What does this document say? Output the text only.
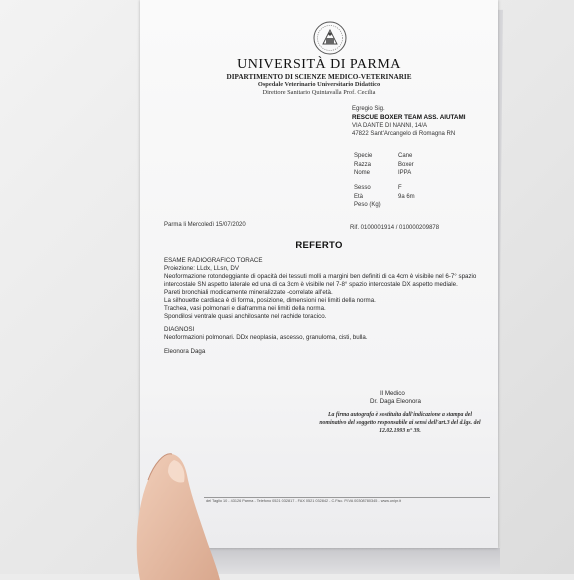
UNIVERSITÀ DI PARMA
DIPARTIMENTO DI SCIENZE MEDICO-VETERINARIE
Ospedale Veterinario Universitario Didattico
Direttore Sanitario Quintavalla Prof. Cecilia
Egregio Sig.
RESCUE BOXER TEAM ASS. AIUTAMI
VIA DANTE DI NANNI, 14/A
47822 Sant'Arcangelo di Romagna RN
Specie	Cane
Razza	Boxer
Nome	IPPA
Sesso	F
Età	9a 6m
Peso (Kg)
Parma li Mercoledì 15/07/2020	Rif. 0100001914 / 010000209878
REFERTO
ESAME RADIOGRAFICO TORACE
Proiezione: LLdx, LLsn, DV
Neoformazione rotondeggiante di opacità dei tessuti molli a margini ben definiti di ca 4cm è visibile nel 6-7° spazio
intercostale SN aspetto laterale ed una di ca 3cm è visibile nel 7-8° spazio intercostale DX aspetto mediale.
Pareti bronchiali modicamente mineralizzate -correlate all'età.
La silhouette cardiaca è di forma, posizione, dimensioni nei limiti della norma.
Trachea, vasi polmonari e diaframma nei limiti della norma.
Spondilosi ventrale quasi anchilosante nel rachide toracico.
DIAGNOSI
Neoformazioni polmonari. DDx neoplasia, ascesso, granuloma, cisti, bulla.
Eleonora Daga
Il Medico
Dr. Daga Eleonora
La firma autografa è sostituita dall'indicazione a stampa del
nominativo del soggetto responsabile ai sensi dell'art.3 del d.lgs. del
12.02.1993 n° 39.
del Taglio 10 - 43126 Parma - Telefono 0521 032817 - FAX 0521 032842 - C.Fisc. P.IVA 00308780345 - www.unipr.it
